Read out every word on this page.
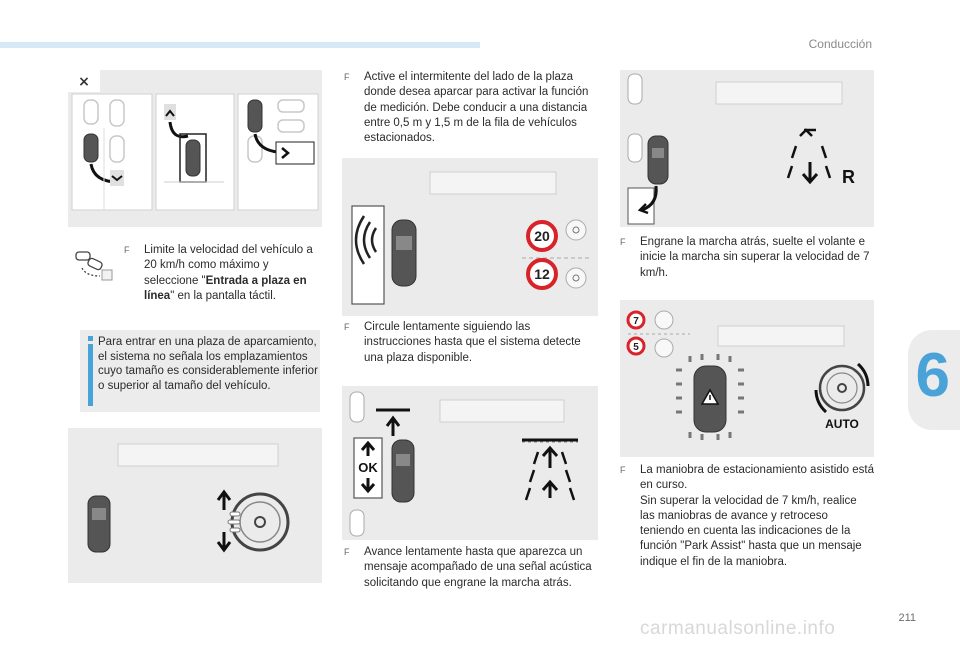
Conducción
6
211
×
F	Limite la velocidad del vehículo a 20 km/h como máximo y seleccione "Entrada a plaza en línea" en la pantalla táctil.
Para entrar en una plaza de aparcamiento, el sistema no señala los emplazamientos cuyo tamaño es considerablemente inferior o superior al tamaño del vehículo.
F	Active el intermitente del lado de la plaza donde desea aparcar para activar la función de medición. Debe conducir a una distancia entre 0,5 m y 1,5 m de la fila de vehículos estacionados.
20
12
F	Circule lentamente siguiendo las instrucciones hasta que el sistema detecte una plaza disponible.
OK
F	Avance lentamente hasta que aparezca un mensaje acompañado de una señal acústica solicitando que engrane la marcha atrás.
R
F	Engrane la marcha atrás, suelte el volante e inicie la marcha sin superar la velocidad de 7 km/h.
7
5
AUTO
F	La maniobra de estacionamiento asistido está en curso.
Sin superar la velocidad de 7 km/h, realice las maniobras de avance y retroceso teniendo en cuenta las indicaciones de la función "Park Assist" hasta que un mensaje indique el fin de la maniobra.
carmanualsonline.info
